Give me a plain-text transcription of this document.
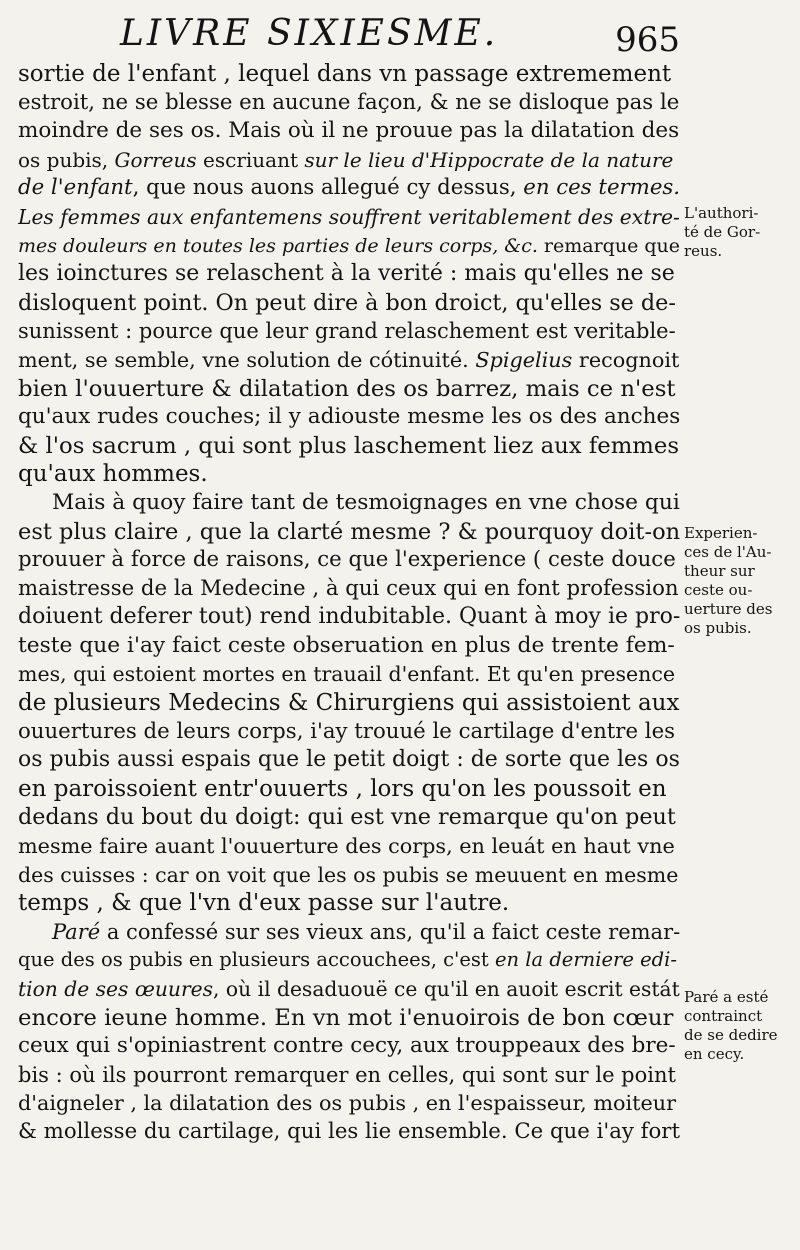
LIVRE SIXIESME.	965
sortie de l'enfant , lequel dans vn passage extremement
estroit, ne se blesse en aucune façon, & ne se disloque pas le
moindre de ses os. Mais où il ne prouue pas la dilatation des
os pubis, Gorreus escriuant sur le lieu d'Hippocrate de la nature
de l'enfant, que nous auons allegué cy dessus, en ces termes.
Les femmes aux enfantemens souffrent veritablement des extre-
mes douleurs en toutes les parties de leurs corps, &c. remarque que
les ioinctures se relaschent à la verité : mais qu'elles ne se
disloquent point. On peut dire à bon droict, qu'elles se de-
sunissent : pource que leur grand relaschement est veritable-
ment, se semble, vne solution de cótinuité. Spigelius recognoit
bien l'ouuerture & dilatation des os barrez, mais ce n'est
qu'aux rudes couches; il y adiouste mesme les os des anches
& l'os sacrum , qui sont plus laschement liez aux femmes
qu'aux hommes.
Mais à quoy faire tant de tesmoignages en vne chose qui
est plus claire , que la clarté mesme ? & pourquoy doit-on
prouuer à force de raisons, ce que l'experience ( ceste douce
maistresse de la Medecine , à qui ceux qui en font profession
doiuent deferer tout) rend indubitable. Quant à moy ie pro-
teste que i'ay faict ceste obseruation en plus de trente fem-
mes, qui estoient mortes en trauail d'enfant. Et qu'en presence
de plusieurs Medecins & Chirurgiens qui assistoient aux
ouuertures de leurs corps, i'ay trouué le cartilage d'entre les
os pubis aussi espais que le petit doigt : de sorte que les os
en paroissoient entr'ouuerts , lors qu'on les poussoit en
dedans du bout du doigt: qui est vne remarque qu'on peut
mesme faire auant l'ouuerture des corps, en leuát en haut vne
des cuisses : car on voit que les os pubis se meuuent en mesme
temps , & que l'vn d'eux passe sur l'autre.
Paré a confessé sur ses vieux ans, qu'il a faict ceste remar-
que des os pubis en plusieurs accouchees, c'est en la derniere edi-
tion de ses œuures, où il desaduouë ce qu'il en auoit escrit estát
encore ieune homme. En vn mot i'enuoirois de bon cœur
ceux qui s'opiniastrent contre cecy, aux trouppeaux des bre-
bis : où ils pourront remarquer en celles, qui sont sur le point
d'aigneler , la dilatation des os pubis , en l'espaisseur, moiteur
& mollesse du cartilage, qui les lie ensemble. Ce que i'ay fort
L'authori-
té de Gor-
reus.
Experien-
ces de l'Au-
theur sur
ceste ou-
uerture des
os pubis.
Paré a esté
contrainct
de se dedire
en cecy.
